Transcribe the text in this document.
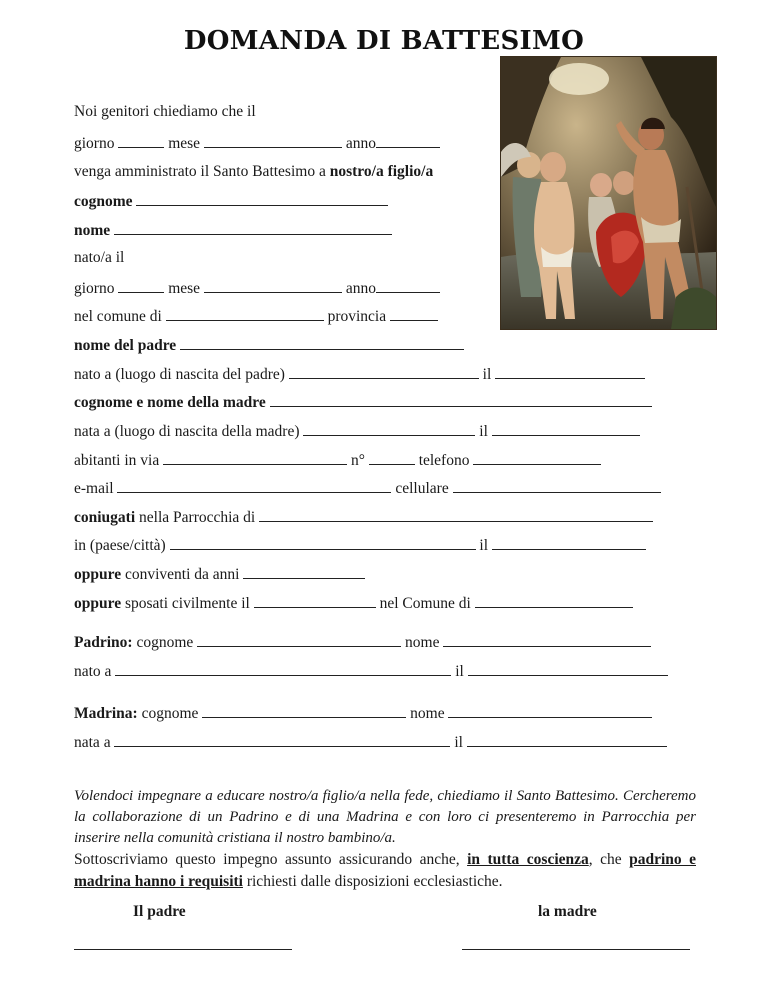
DOMANDA DI BATTESIMO
Noi genitori chiediamo che il
giorno	mese	anno
venga amministrato il Santo Battesimo a nostro/a figlio/a
cognome
nome
nato/a il
giorno	mese	anno
nel comune di	provincia
nome del padre
nato a (luogo di nascita del padre)	il
cognome e nome della madre
nata a (luogo di nascita della madre)	il
abitanti in via	n°	telefono
e-mail	cellulare
coniugati nella Parrocchia di
in (paese/città)	il
oppure conviventi da anni
oppure sposati civilmente il	nel Comune di
Padrino: cognome	nome
nato a	il
Madrina: cognome	nome
nata a	il
Volendoci impegnare a educare nostro/a figlio/a nella fede, chiediamo il Santo Battesimo. Cercheremo la collaborazione di un Padrino e di una Madrina e con loro ci presenteremo in Parrocchia per inserire nella comunità cristiana il nostro bambino/a.
Sottoscriviamo questo impegno assunto assicurando anche, in tutta coscienza, che padrino e madrina hanno i requisiti richiesti dalle disposizioni ecclesiastiche.
Il padre	la madre
